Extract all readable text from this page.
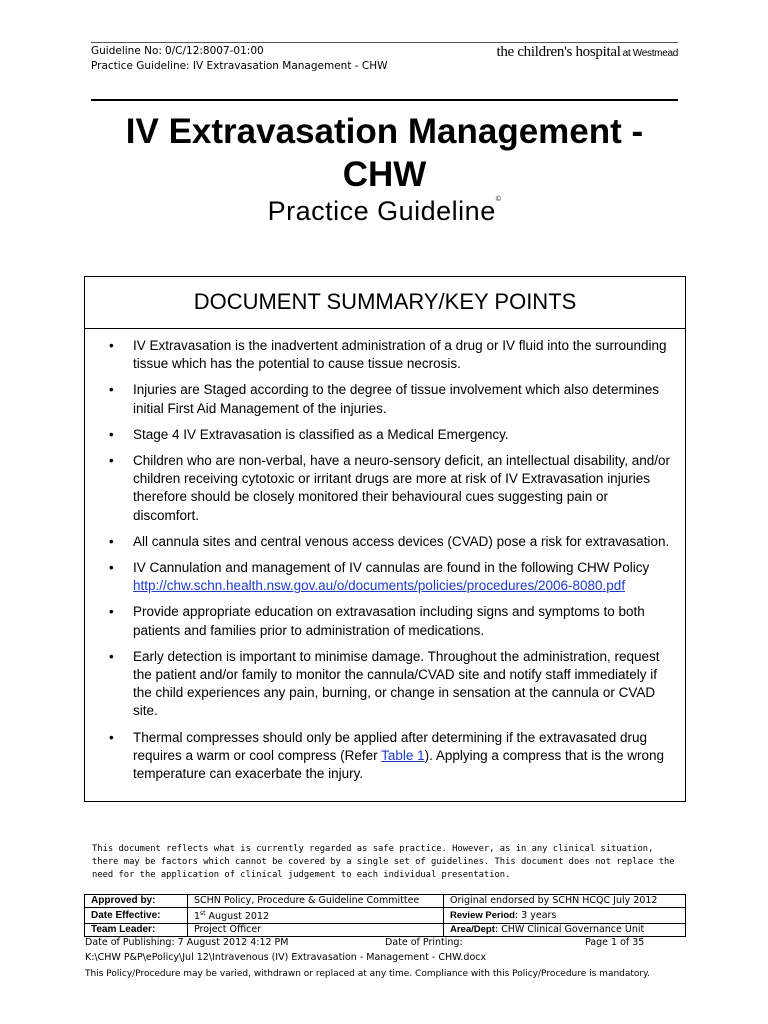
Guideline No: 0/C/12:8007-01:00
Practice Guideline: IV Extravasation Management - CHW
the children's hospital at Westmead
IV Extravasation Management -
CHW
Practice Guideline©
DOCUMENT SUMMARY/KEY POINTS
• IV Extravasation is the inadvertent administration of a drug or IV fluid into the surrounding tissue which has the potential to cause tissue necrosis.
• Injuries are Staged according to the degree of tissue involvement which also determines initial First Aid Management of the injuries.
• Stage 4 IV Extravasation is classified as a Medical Emergency.
• Children who are non-verbal, have a neuro-sensory deficit, an intellectual disability, and/or children receiving cytotoxic or irritant drugs are more at risk of IV Extravasation injuries therefore should be closely monitored their behavioural cues suggesting pain or discomfort.
• All cannula sites and central venous access devices (CVAD) pose a risk for extravasation.
• IV Cannulation and management of IV cannulas are found in the following CHW Policy
http://chw.schn.health.nsw.gov.au/o/documents/policies/procedures/2006-8080.pdf
• Provide appropriate education on extravasation including signs and symptoms to both patients and families prior to administration of medications.
• Early detection is important to minimise damage. Throughout the administration, request the patient and/or family to monitor the cannula/CVAD site and notify staff immediately if the child experiences any pain, burning, or change in sensation at the cannula or CVAD site.
• Thermal compresses should only be applied after determining if the extravasated drug requires a warm or cool compress (Refer Table 1). Applying a compress that is the wrong temperature can exacerbate the injury.
This document reflects what is currently regarded as safe practice. However, as in any clinical situation, there may be factors which cannot be covered by a single set of guidelines. This document does not replace the need for the application of clinical judgement to each individual presentation.
Approved by:	SCHN Policy, Procedure & Guideline Committee	Original endorsed by SCHN HCQC July 2012
Date Effective:	1st August 2012	Review Period: 3 years
Team Leader:	Project Officer	Area/Dept: CHW Clinical Governance Unit
Date of Publishing: 7 August 2012 4:12 PM	Date of Printing:	Page 1 of 35
K:\CHW P&P\ePolicy\Jul 12\Intravenous (IV) Extravasation - Management - CHW.docx
This Policy/Procedure may be varied, withdrawn or replaced at any time. Compliance with this Policy/Procedure is mandatory.
